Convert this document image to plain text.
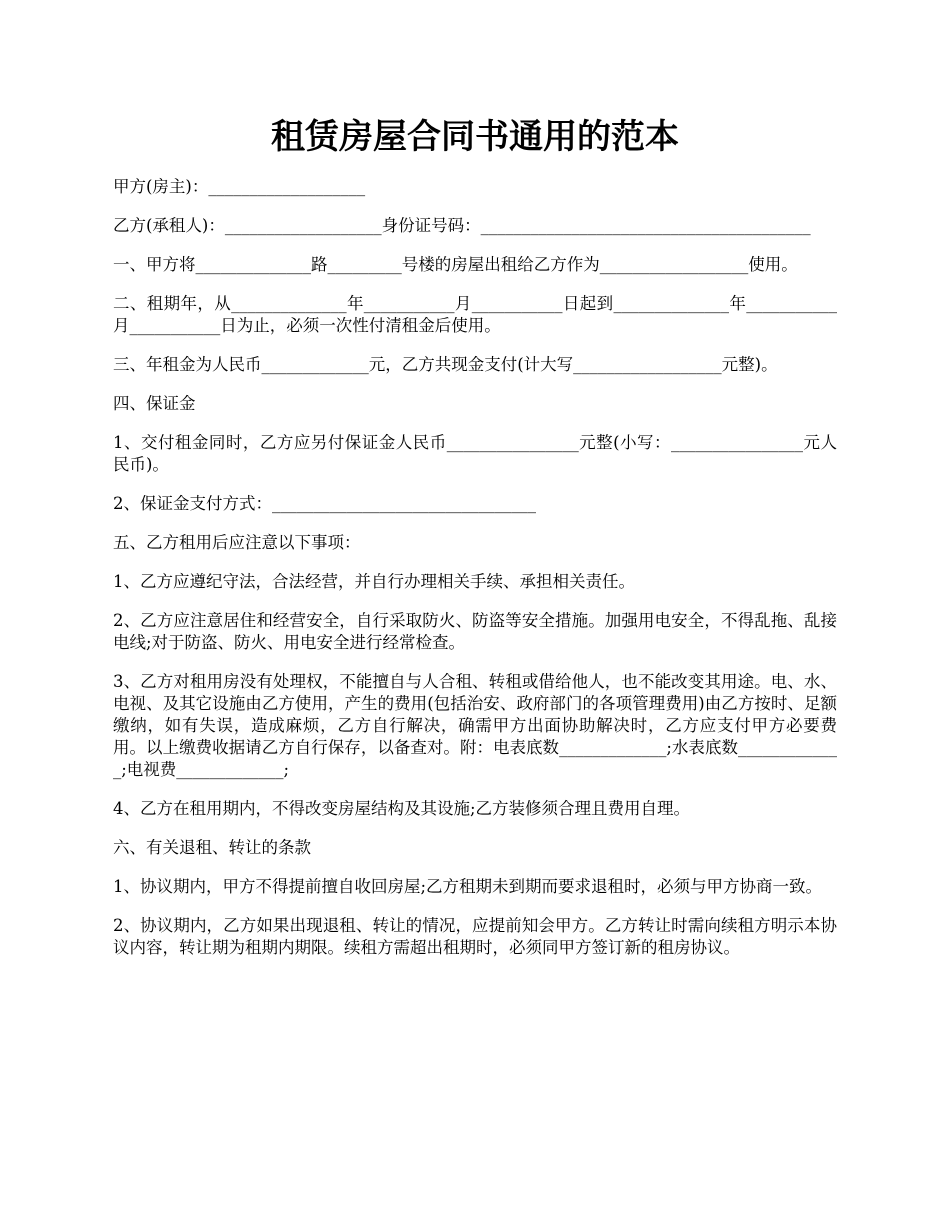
租赁房屋合同书通用的范本

甲方(房主)：___________________

乙方(承租人)：___________________身份证号码：________________________________________

一、甲方将______________路_________号楼的房屋出租给乙方作为__________________使用。

二、租期年，从______________年___________月___________日起到______________年___________月___________日为止，必须一次性付清租金后使用。

三、年租金为人民币_____________元，乙方共现金支付(计大写__________________元整)。

四、保证金

1、交付租金同时，乙方应另付保证金人民币________________元整(小写：________________元人民币)。

2、保证金支付方式：________________________________

五、乙方租用后应注意以下事项：

1、乙方应遵纪守法，合法经营，并自行办理相关手续、承担相关责任。

2、乙方应注意居住和经营安全，自行采取防火、防盗等安全措施。加强用电安全，不得乱拖、乱接电线;对于防盗、防火、用电安全进行经常检查。

3、乙方对租用房没有处理权，不能擅自与人合租、转租或借给他人，也不能改变其用途。电、水、电视、及其它设施由乙方使用，产生的费用(包括治安、政府部门的各项管理费用)由乙方按时、足额缴纳，如有失误，造成麻烦，乙方自行解决，确需甲方出面协助解决时，乙方应支付甲方必要费用。以上缴费收据请乙方自行保存，以备查对。附：电表底数_____________;水表底数_____________;电视费_____________;

4、乙方在租用期内，不得改变房屋结构及其设施;乙方装修须合理且费用自理。

六、有关退租、转让的条款

1、协议期内，甲方不得提前擅自收回房屋;乙方租期未到期而要求退租时，必须与甲方协商一致。

2、协议期内，乙方如果出现退租、转让的情况，应提前知会甲方。乙方转让时需向续租方明示本协议内容，转让期为租期内期限。续租方需超出租期时，必须同甲方签订新的租房协议。
